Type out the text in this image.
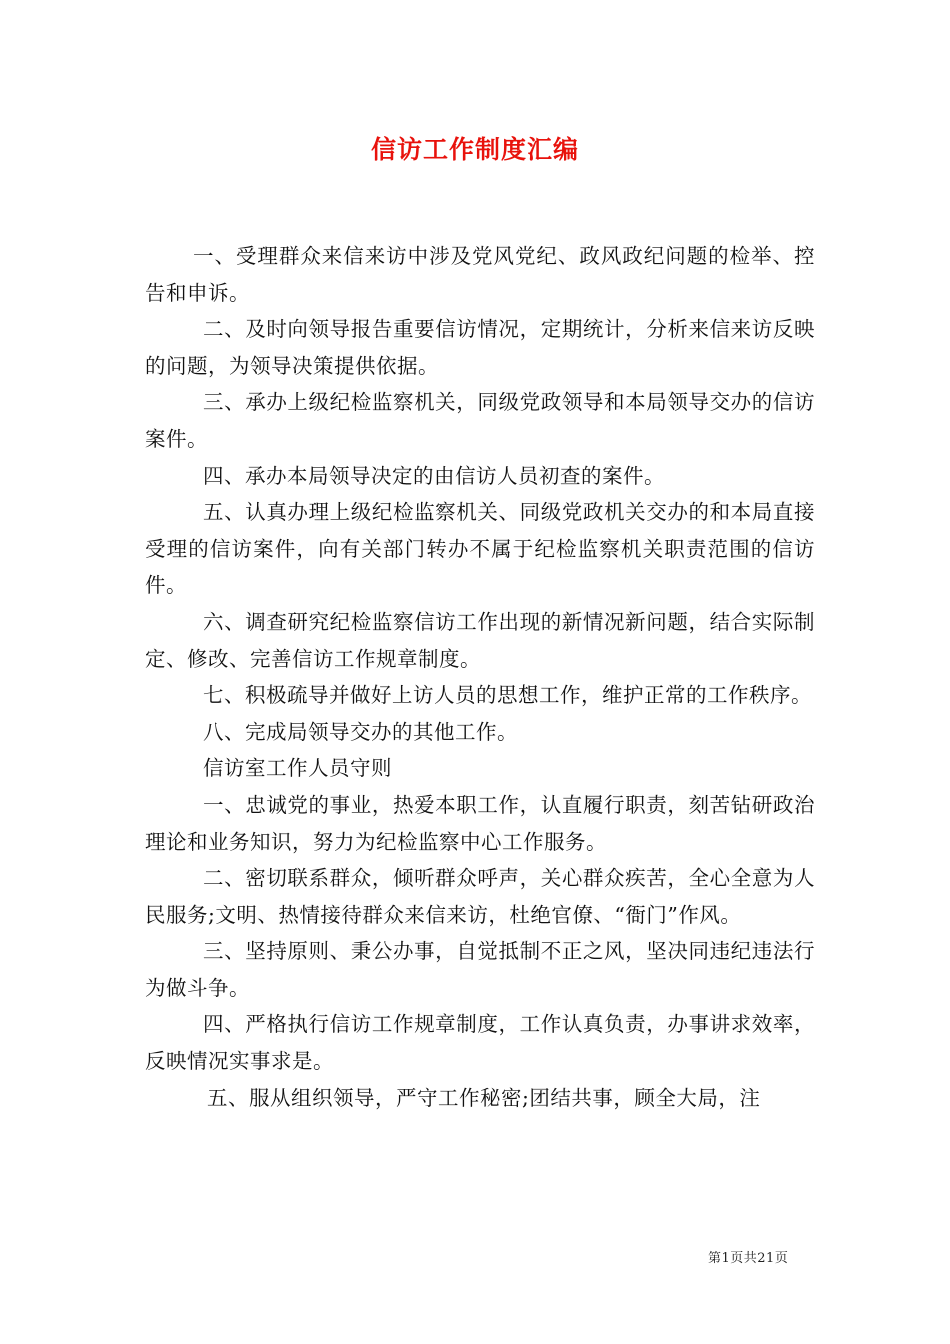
信访工作制度汇编

一、受理群众来信来访中涉及党风党纪、政风政纪问题的检举、控告和申诉。

二、及时向领导报告重要信访情况，定期统计，分析来信来访反映的问题，为领导决策提供依据。

三、承办上级纪检监察机关，同级党政领导和本局领导交办的信访案件。

四、承办本局领导决定的由信访人员初查的案件。

五、认真办理上级纪检监察机关、同级党政机关交办的和本局直接受理的信访案件，向有关部门转办不属于纪检监察机关职责范围的信访件。

六、调查研究纪检监察信访工作出现的新情况新问题，结合实际制定、修改、完善信访工作规章制度。

七、积极疏导并做好上访人员的思想工作，维护正常的工作秩序。

八、完成局领导交办的其他工作。

信访室工作人员守则

一、忠诚党的事业，热爱本职工作，认直履行职责，刻苦钻研政治理论和业务知识，努力为纪检监察中心工作服务。

二、密切联系群众，倾听群众呼声，关心群众疾苦，全心全意为人民服务;文明、热情接待群众来信来访，杜绝官僚、“衙门”作风。

三、坚持原则、秉公办事，自觉抵制不正之风，坚决同违纪违法行为做斗争。

四、严格执行信访工作规章制度，工作认真负责，办事讲求效率，反映情况实事求是。

五、服从组织领导，严守工作秘密;团结共事，顾全大局，注

第1页共21页
